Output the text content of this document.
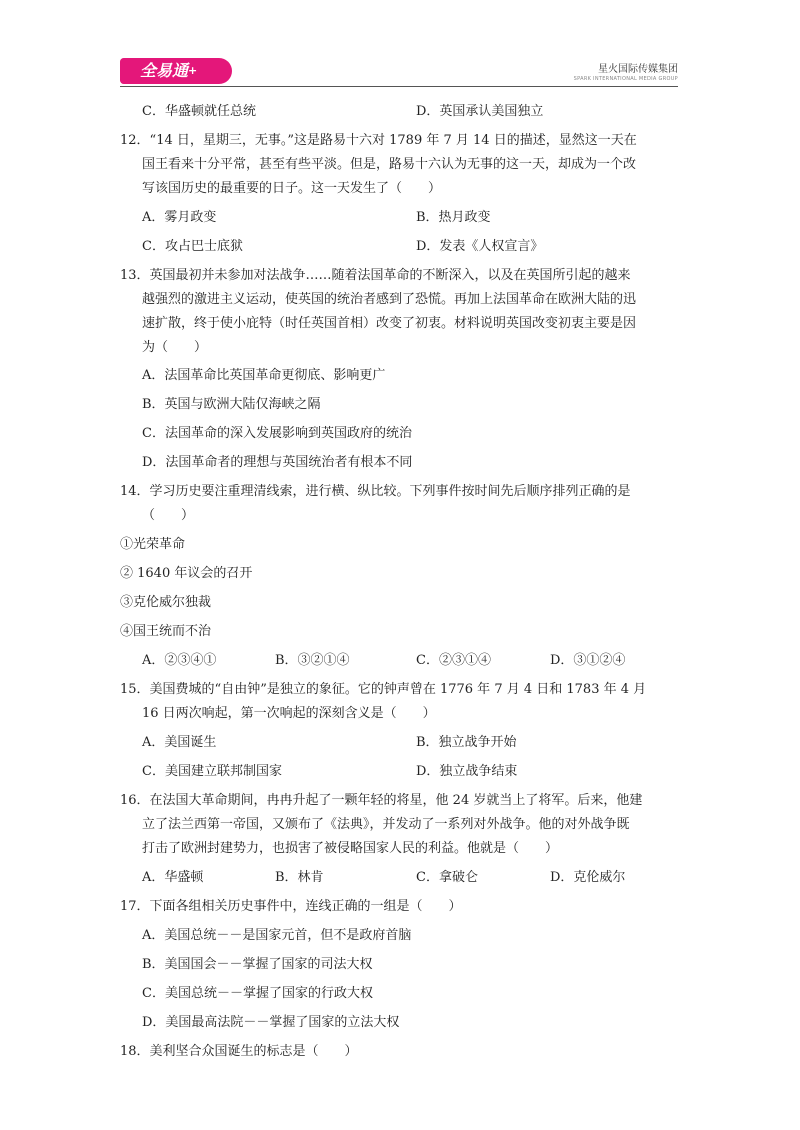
全易通+	星火国际传媒集团
SPARK INTERNATIONAL MEDIA GROUP
C．华盛顿就任总统	D．英国承认美国独立
12．“14 日，星期三，无事。”这是路易十六对 1789 年 7 月 14 日的描述，显然这一天在
国王看来十分平常，甚至有些平淡。但是，路易十六认为无事的这一天，却成为一个改
写该国历史的最重要的日子。这一天发生了（　　）
A．雾月政变	B．热月政变
C．攻占巴士底狱	D．发表《人权宣言》
13．英国最初并未参加对法战争……随着法国革命的不断深入，以及在英国所引起的越来
越强烈的激进主义运动，使英国的统治者感到了恐慌。再加上法国革命在欧洲大陆的迅
速扩散，终于使小庇特（时任英国首相）改变了初衷。材料说明英国改变初衷主要是因
为（　　）
A．法国革命比英国革命更彻底、影响更广
B．英国与欧洲大陆仅海峡之隔
C．法国革命的深入发展影响到英国政府的统治
D．法国革命者的理想与英国统治者有根本不同
14．学习历史要注重理清线索，进行横、纵比较。下列事件按时间先后顺序排列正确的是
（　　）
①光荣革命
② 1640 年议会的召开
③克伦威尔独裁
④国王统而不治
A．②③④①	B．③②①④	C．②③①④	D．③①②④
15．美国费城的“自由钟”是独立的象征。它的钟声曾在 1776 年 7 月 4 日和 1783 年 4 月
16 日两次响起，第一次响起的深刻含义是（　　）
A．美国诞生	B．独立战争开始
C．美国建立联邦制国家	D．独立战争结束
16．在法国大革命期间，冉冉升起了一颗年轻的将星，他 24 岁就当上了将军。后来，他建
立了法兰西第一帝国，又颁布了《法典》，并发动了一系列对外战争。他的对外战争既
打击了欧洲封建势力，也损害了被侵略国家人民的利益。他就是（　　）
A．华盛顿	B．林肯	C．拿破仑	D．克伦威尔
17．下面各组相关历史事件中，连线正确的一组是（　　）
A．美国总统－－是国家元首，但不是政府首脑
B．美国国会－－掌握了国家的司法大权
C．美国总统－－掌握了国家的行政大权
D．美国最高法院－－掌握了国家的立法大权
18．美利坚合众国诞生的标志是（　　）
